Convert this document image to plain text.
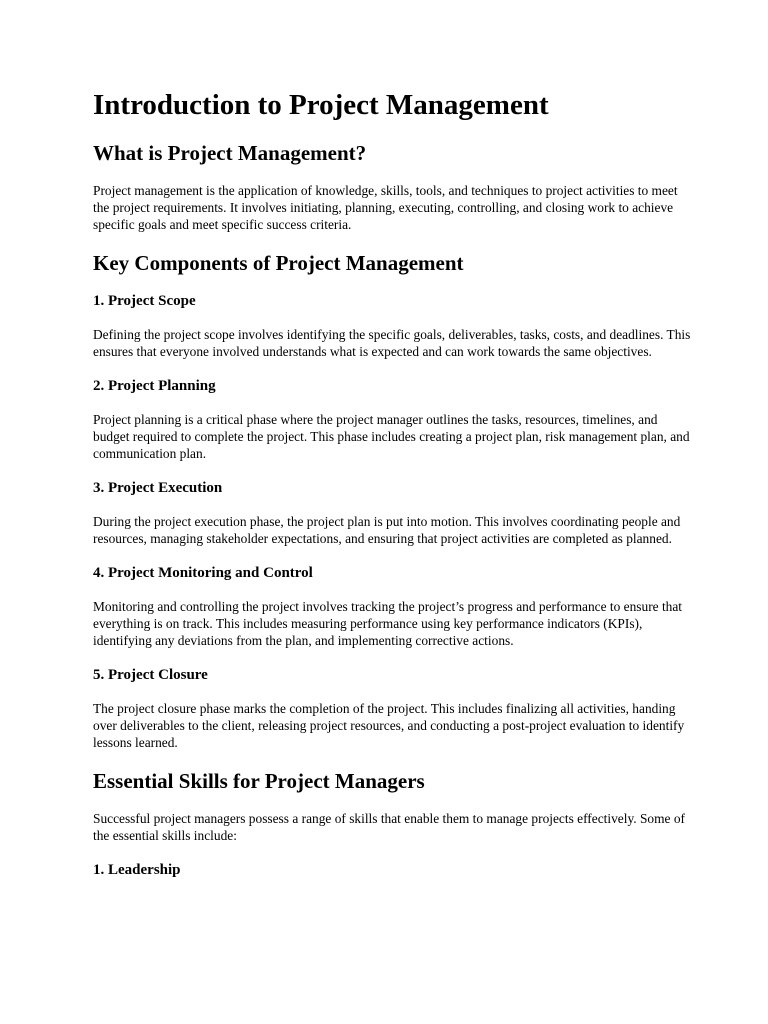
Introduction to Project Management
What is Project Management?

Project management is the application of knowledge, skills, tools, and techniques to project activities to meet the project requirements. It involves initiating, planning, executing, controlling, and closing work to achieve specific goals and meet specific success criteria.

Key Components of Project Management
1. Project Scope

Defining the project scope involves identifying the specific goals, deliverables, tasks, costs, and deadlines. This ensures that everyone involved understands what is expected and can work towards the same objectives.

2. Project Planning

Project planning is a critical phase where the project manager outlines the tasks, resources, timelines, and budget required to complete the project. This phase includes creating a project plan, risk management plan, and communication plan.

3. Project Execution

During the project execution phase, the project plan is put into motion. This involves coordinating people and resources, managing stakeholder expectations, and ensuring that project activities are completed as planned.

4. Project Monitoring and Control

Monitoring and controlling the project involves tracking the project’s progress and performance to ensure that everything is on track. This includes measuring performance using key performance indicators (KPIs), identifying any deviations from the plan, and implementing corrective actions.

5. Project Closure

The project closure phase marks the completion of the project. This includes finalizing all activities, handing over deliverables to the client, releasing project resources, and conducting a post-project evaluation to identify lessons learned.

Essential Skills for Project Managers

Successful project managers possess a range of skills that enable them to manage projects effectively. Some of the essential skills include:

1. Leadership
